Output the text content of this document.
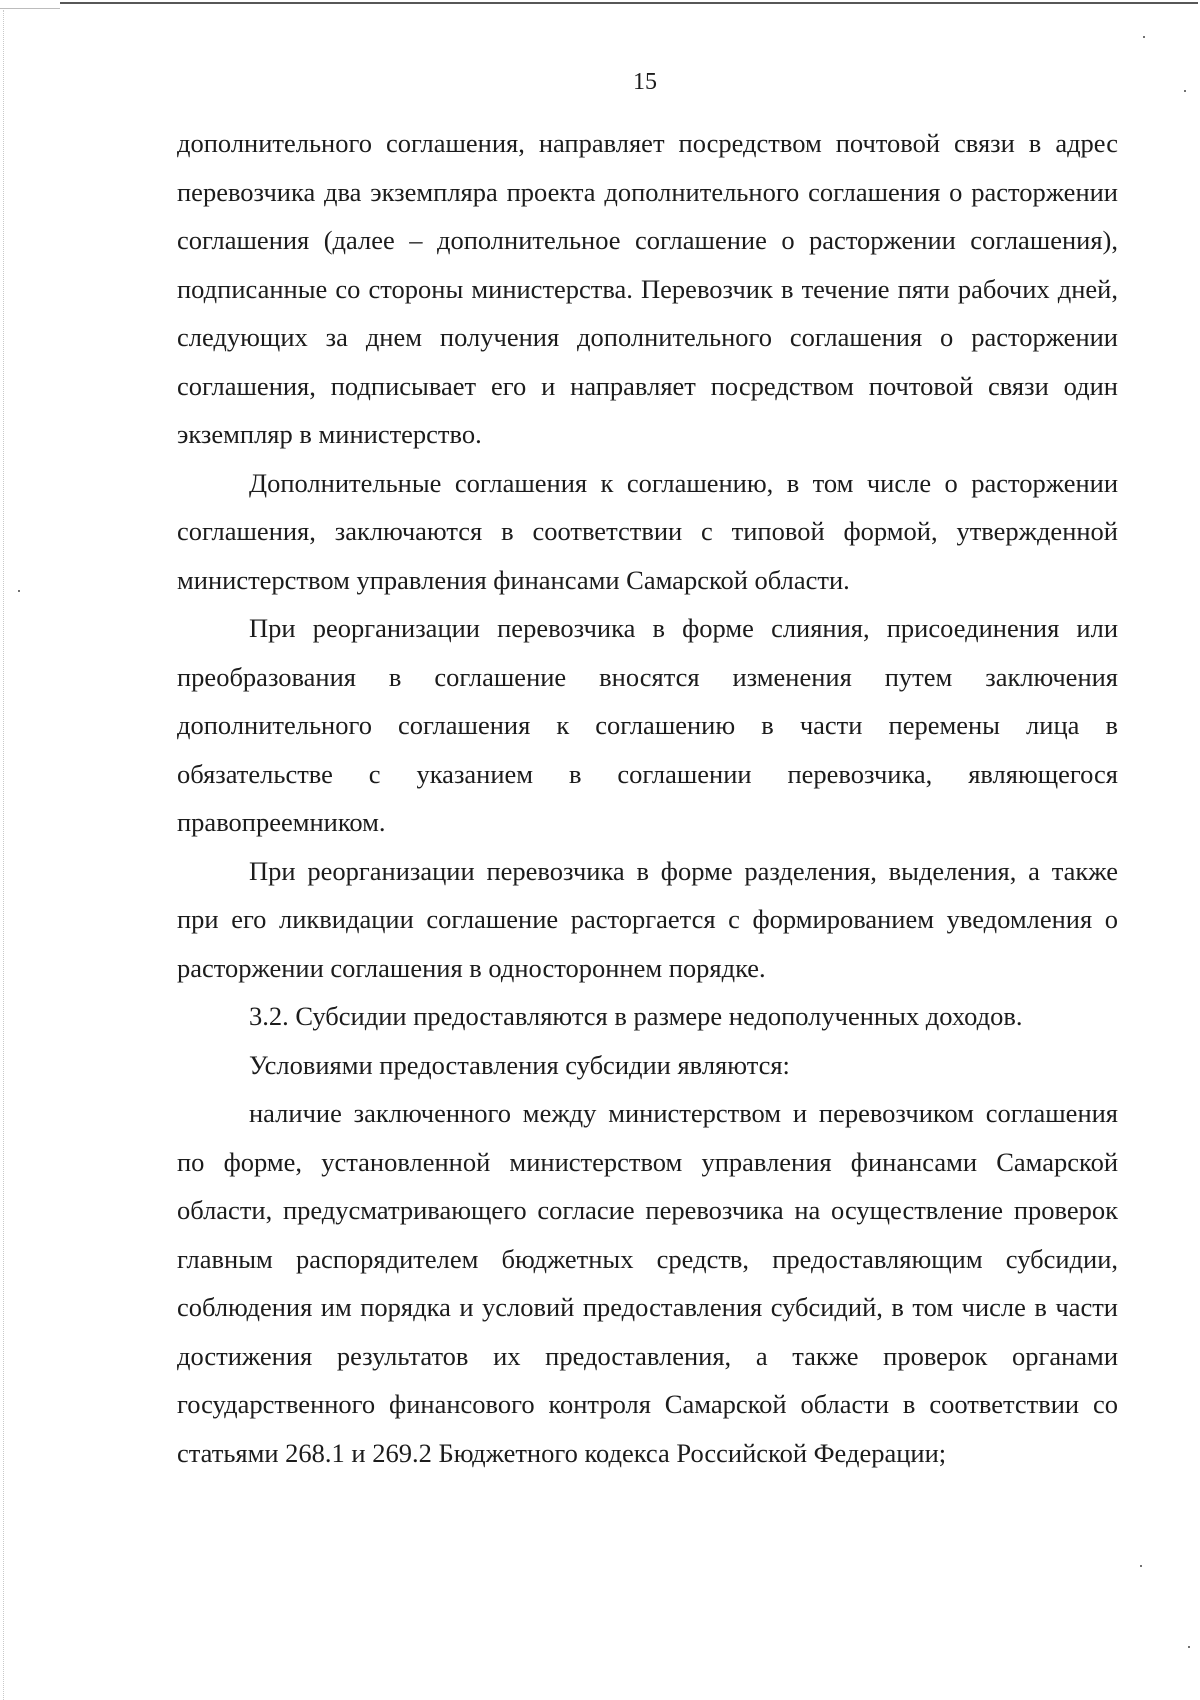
15

дополнительного соглашения, направляет посредством почтовой связи в адрес перевозчика два экземпляра проекта дополнительного соглашения о расторжении соглашения (далее – дополнительное соглашение о расторжении соглашения), подписанные со стороны министерства. Перевозчик в течение пяти рабочих дней, следующих за днем получения дополнительного соглашения о расторжении соглашения, подписывает его и направляет посредством почтовой связи один экземпляр в министерство.

Дополнительные соглашения к соглашению, в том числе о расторжении соглашения, заключаются в соответствии с типовой формой, утвержденной министерством управления финансами Самарской области.

При реорганизации перевозчика в форме слияния, присоединения или преобразования в соглашение вносятся изменения путем заключения дополнительного соглашения к соглашению в части перемены лица в обязательстве с указанием в соглашении перевозчика, являющегося правопреемником.

При реорганизации перевозчика в форме разделения, выделения, а также при его ликвидации соглашение расторгается с формированием уведомления о расторжении соглашения в одностороннем порядке.

3.2. Субсидии предоставляются в размере недополученных доходов.

Условиями предоставления субсидии являются:

наличие заключенного между министерством и перевозчиком соглашения по форме, установленной министерством управления финансами Самарской области, предусматривающего согласие перевозчика на осуществление проверок главным распорядителем бюджетных средств, предоставляющим субсидии, соблюдения им порядка и условий предоставления субсидий, в том числе в части достижения результатов их предоставления, а также проверок органами государственного финансового контроля Самарской области в соответствии со статьями 268.1 и 269.2 Бюджетного кодекса Российской Федерации;
